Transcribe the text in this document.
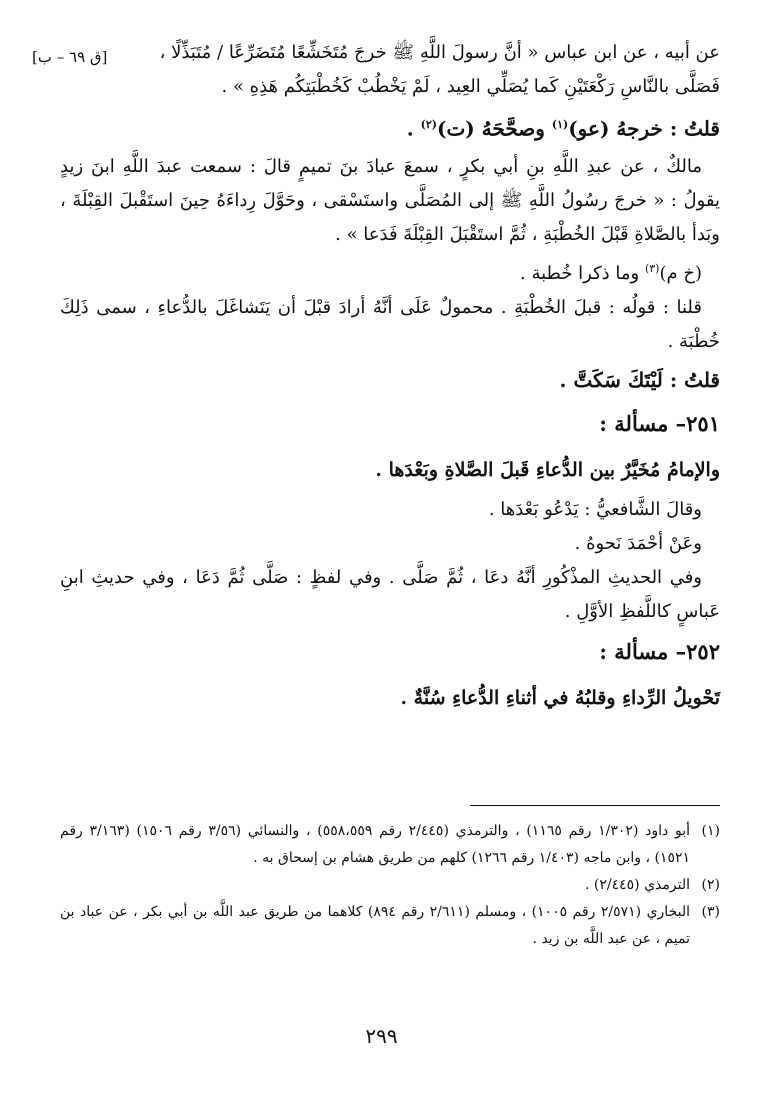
عن أبيه ، عن ابن عباس « أنَّ رسولَ اللَّهِ ﷺ خرجَ مُتَخَشِّعًا مُتَضَرِّعًا / مُتَبَذِّلًا ،
[ق ٦٩ – ب]

فَصَلَّى بالنَّاسِ رَكْعَتَيْنِ كَما يُصَلِّي العِيد ، لَمْ يَخْطُبْ كَخُطْبَتِكُم هَذِهِ » .

قلتُ : خرجهُ (عو)$^{(١)}$ وصحَّحَهُ (ت)$^{(٢)}$ .

مالكٌ ، عن عبدِ اللَّهِ بنِ أبي بكرٍ ، سمعَ عبادَ بنَ تميمٍ قالَ : سمعت عبدَ اللَّهِ ابنَ زيدٍ يقولُ : « خرجَ رسُولُ اللَّهِ ﷺ إلى المُصَلَّى واستَسْقى ، وحَوَّلَ رِداءَهُ حِينَ استَقْبلَ القِبْلَةَ ، وبَدأ بالصَّلاةِ قَبْلَ الخُطْبَةِ ، ثُمَّ استَقْبَلَ القِبْلَةَ فَدَعا » .

(خ م)$^{(٣)}$ وما ذكرا خُطبة .

قلنا : قولُه : قبلَ الخُطْبَةِ . محمولٌ عَلَى أنَّهُ أرادَ قبْلَ أن يَتَشاغَلَ بالدُّعاءِ ، سمى ذَلِكَ خُطْبَة .

قلتُ : لَيْتَكَ سَكَتَّ .

٢٥١– مسألة :

والإمامُ مُخَيَّرٌ بين الدُّعاءِ قَبلَ الصَّلاةِ وبَعْدَها .

وقالَ الشَّافعيُّ : يَدْعُو بَعْدَها .

وعَنْ أحْمَدَ نَحوهُ .

وفي الحديثِ المذْكُورِ أنَّهُ دعَا ، ثُمَّ صَلَّى . وفي لفظٍ : صَلَّى ثُمَّ دَعَا ، وفي حديثِ ابنِ عَباسٍ كاللَّفظِ الأوَّلِ .

٢٥٢– مسألة :

تَحْويلُ الرِّداءِ وقلبُهُ في أثناءِ الدُّعاءِ سُنَّةٌ .

(١)
أبو داود (١/٣٠٢ رقم ١١٦٥) ، والترمذي (٢/٤٤٥ رقم ٥٥٨،٥٥٩) ، والنسائي (٣/٥٦ رقم ١٥٠٦) (٣/١٦٣ رقم ١٥٢١) ، وابن ماجه (١/٤٠٣ رقم ١٢٦٦) كلهم من طريق هشام بن إسحاق به .

(٢)
الترمذي (٢/٤٤٥) .

(٣)
البخاري (٢/٥٧١ رقم ١٠٠٥) ، ومسلم (٢/٦١١ رقم ٨٩٤) كلاهما من طريق عبد اللَّه بن أبي بكر ، عن عباد بن تميم ، عن عبد اللَّه بن زيد .

٢٩٩
